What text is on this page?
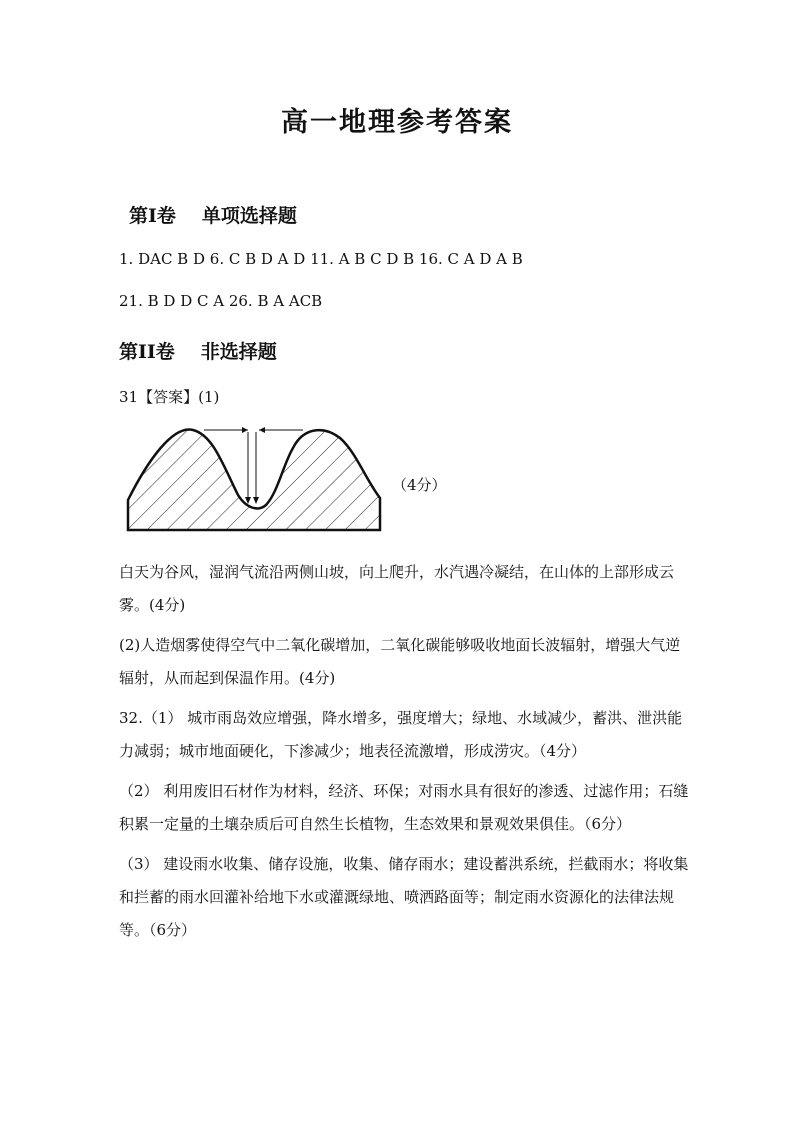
高一地理参考答案
第Ⅰ卷 单项选择题
1. DAC B D 6. C B D A D 11. A B C D B 16. C A D A B
21. B D D C A 26. B A ACB
第II卷 非选择题
31【答案】(1)
（4分）

白天为谷风，湿润气流沿两侧山坡，向上爬升，水汽遇冷凝结，在山体的上部形成云雾。(4分)

(2)人造烟雾使得空气中二氧化碳增加，二氧化碳能够吸收地面长波辐射，增强大气逆辐射，从而起到保温作用。(4分)

32.（1） 城市雨岛效应增强，降水增多，强度增大；绿地、水域减少，蓄洪、泄洪能力减弱；城市地面硬化，下渗减少；地表径流激增，形成涝灾。（4分）

（2） 利用废旧石材作为材料，经济、环保；对雨水具有很好的渗透、过滤作用；石缝积累一定量的土壤杂质后可自然生长植物，生态效果和景观效果俱佳。（6分）

（3） 建设雨水收集、储存设施，收集、储存雨水；建设蓄洪系统，拦截雨水；将收集和拦蓄的雨水回灌补给地下水或灌溉绿地、喷洒路面等；制定雨水资源化的法律法规等。（6分）
